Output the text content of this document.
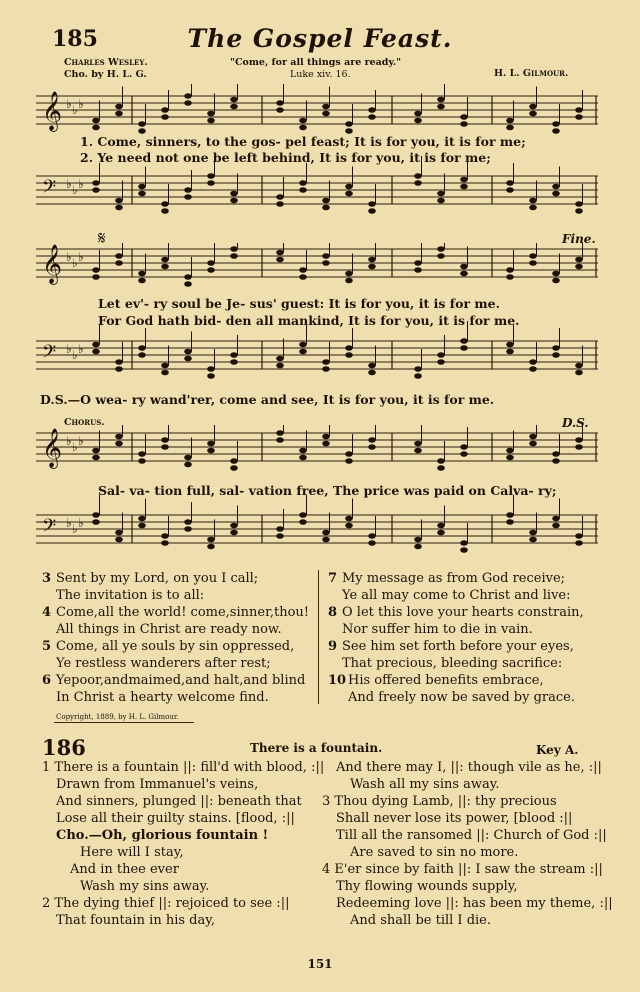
185	The Gospel Feast.
Charles Wesley.
Cho. by H. L. G.
"Come, for all things are ready."
Luke xiv. 16.	H. L. Gilmour.
𝄞 ♭ ♭ ♭
𝄢 ♭ ♭ ♭
1. Come, sinners, to the gos- pel feast; It is for you, it is for me;
2. Ye need not one be left behind, It is for you, it is for me;
𝄋	Fine.
𝄞 ♭ ♭ ♭
𝄢 ♭ ♭ ♭
Let ev'- ry soul be Je- sus' guest: It is for you, it is for me.
For God hath bid- den all mankind, It is for you, it is for me.
D.S.—O wea- ry wand'rer, come and see, It is for you, it is for me.
Chorus.	D.S.
𝄞 ♭ ♭ ♭
𝄢 ♭ ♭ ♭
Sal- va- tion full, sal- vation free, The price was paid on Calva- ry;
3 Sent by my Lord, on you I call;
The invitation is to all:
4 Come,all the world! come,sinner,thou!
All things in Christ are ready now.
5 Come, all ye souls by sin oppressed,
Ye restless wanderers after rest;
6 Yepoor,andmaimed,and halt,and blind
In Christ a hearty welcome find.
7 My message as from God receive;
Ye all may come to Christ and live:
8 O let this love your hearts constrain,
Nor suffer him to die in vain.
9 See him set forth before your eyes,
That precious, bleeding sacrifice:
10 His offered benefits embrace,
And freely now be saved by grace.
Copyright, 1889, by H. L. Gilmour.
186	There is a fountain.	Key A.
1 There is a fountain ||: fill'd with blood, :||
Drawn from Immanuel's veins,
And sinners, plunged ||: beneath that
Lose all their guilty stains. [flood, :||
Cho.—Oh, glorious fountain !
Here will I stay,
And in thee ever
Wash my sins away.
2 The dying thief ||: rejoiced to see :||
That fountain in his day,
And there may I, ||: though vile as he, :||
Wash all my sins away.
3 Thou dying Lamb, ||: thy precious
Shall never lose its power, [blood :||
Till all the ransomed ||: Church of God :||
Are saved to sin no more.
4 E'er since by faith ||: I saw the stream :||
Thy flowing wounds supply,
Redeeming love ||: has been my theme, :||
And shall be till I die.
151
